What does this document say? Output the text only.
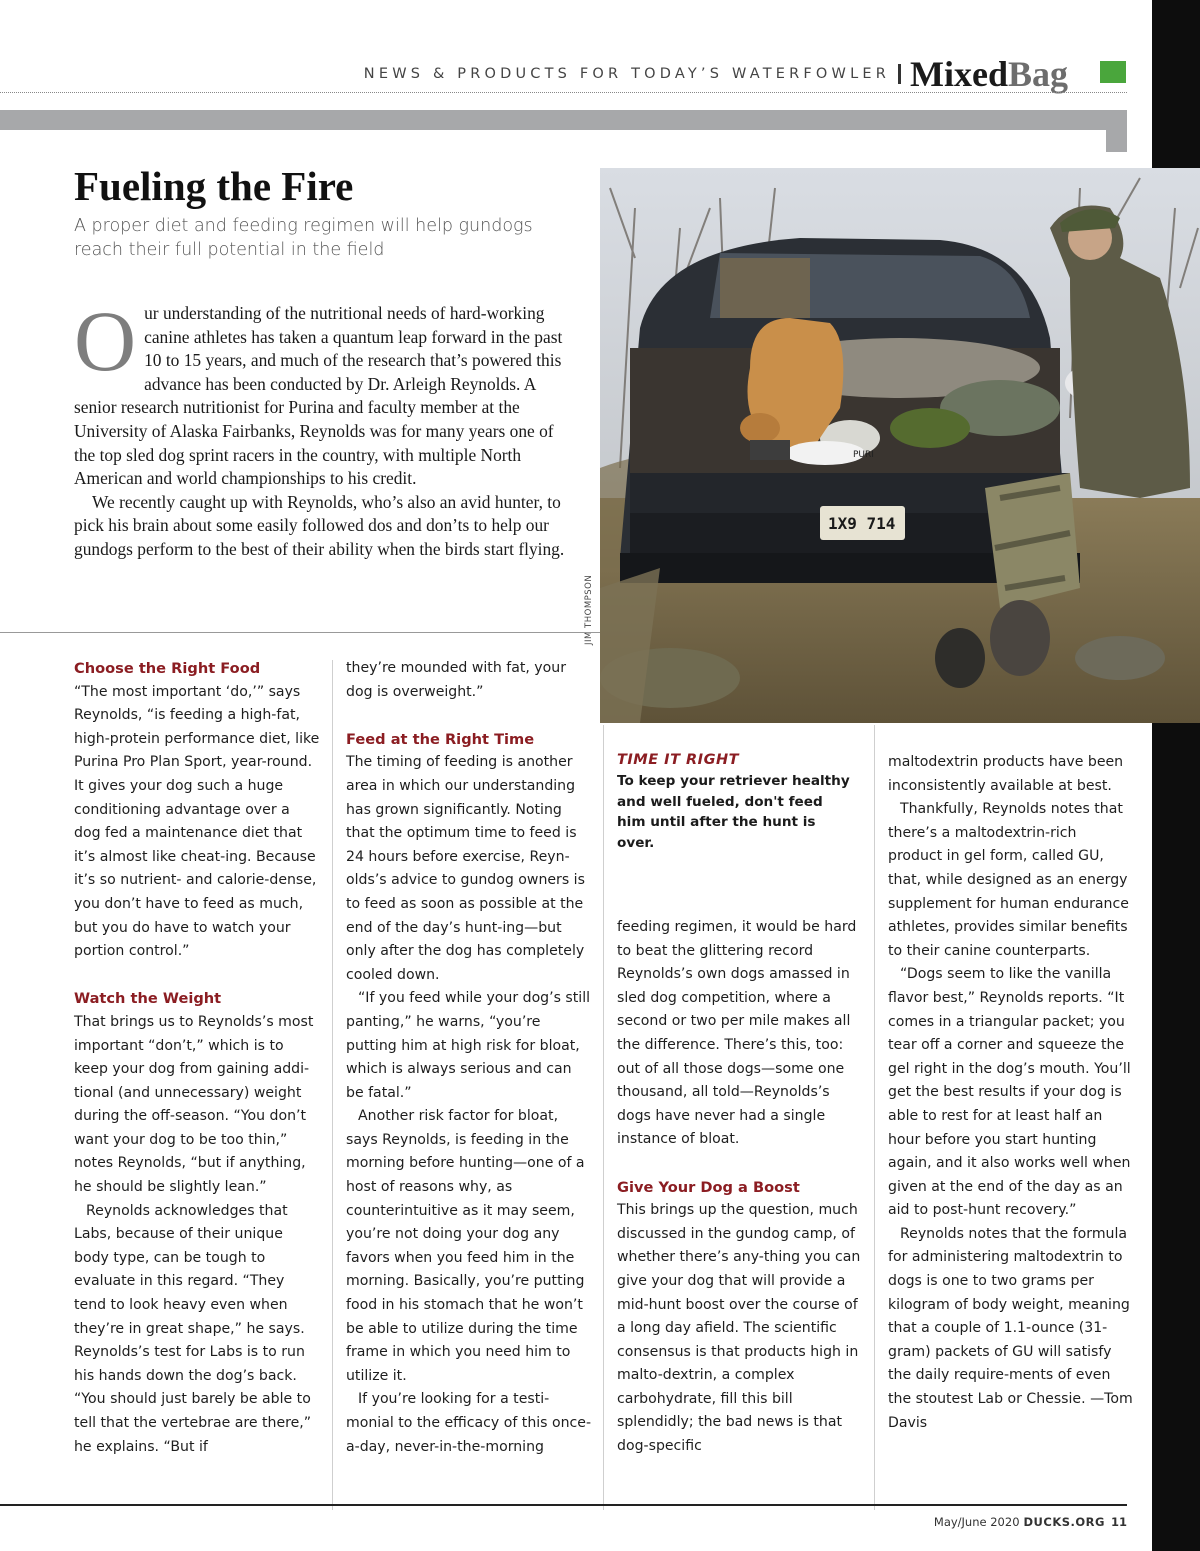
NEWS & PRODUCTS FOR TODAY’S WATERFOWLER MixedBag
Fueling the Fire
A proper diet and feeding regimen will help gundogs reach their full potential in the field

Our understanding of the nutritional needs of hard-working canine athletes has taken a quantum leap forward in the past 10 to 15 years, and much of the research that’s powered this advance has been conducted by Dr. Arleigh Reynolds. A senior research nutritionist for Purina and faculty member at the University of Alaska Fairbanks, Reynolds was for many years one of the top sled dog sprint racers in the country, with multiple North American and world championships to his credit.

We recently caught up with Reynolds, who’s also an avid hunter, to pick his brain about some easily followed dos and don’ts to help our gundogs perform to the best of their ability when the birds start flying.

PURI
1X9 714
JIM THOMPSON
Choose the Right Food

“The most important ‘do,’” says Reynolds, “is feeding a high-fat, high-protein performance diet, like Purina Pro Plan Sport, year-round. It gives your dog such a huge conditioning advantage over a dog fed a maintenance diet that it’s almost like cheat-ing. Because it’s so nutrient- and calorie-dense, you don’t have to feed as much, but you do have to watch your portion control.”

Watch the Weight

That brings us to Reynolds’s most important “don’t,” which is to keep your dog from gaining addi-tional (and unnecessary) weight during the off-season. “You don’t want your dog to be too thin,” notes Reynolds, “but if anything, he should be slightly lean.”

Reynolds acknowledges that Labs, because of their unique body type, can be tough to evaluate in this regard. “They tend to look heavy even when they’re in great shape,” he says. Reynolds’s test for Labs is to run his hands down the dog’s back. “You should just barely be able to tell that the vertebrae are there,” he explains. “But if

they’re mounded with fat, your dog is overweight.”

Feed at the Right Time

The timing of feeding is another area in which our understanding has grown significantly. Noting that the optimum time to feed is 24 hours before exercise, Reyn-olds’s advice to gundog owners is to feed as soon as possible at the end of the day’s hunt-ing—but only after the dog has completely cooled down.

“If you feed while your dog’s still panting,” he warns, “you’re putting him at high risk for bloat, which is always serious and can be fatal.”

Another risk factor for bloat, says Reynolds, is feeding in the morning before hunting—one of a host of reasons why, as counterintuitive as it may seem, you’re not doing your dog any favors when you feed him in the morning. Basically, you’re putting food in his stomach that he won’t be able to utilize during the time frame in which you need him to utilize it.

If you’re looking for a testi-monial to the efficacy of this once-a-day, never-in-the-morning

TIME IT RIGHT
To keep your retriever healthy and well fueled, don't feed him until after the hunt is over.

feeding regimen, it would be hard to beat the glittering record Reynolds’s own dogs amassed in sled dog competition, where a second or two per mile makes all the difference. There’s this, too: out of all those dogs—some one thousand, all told—Reynolds’s dogs have never had a single instance of bloat.

Give Your Dog a Boost

This brings up the question, much discussed in the gundog camp, of whether there’s any-thing you can give your dog that will provide a mid-hunt boost over the course of a long day afield. The scientific consensus is that products high in malto-dextrin, a complex carbohydrate, fill this bill splendidly; the bad news is that dog-specific

maltodextrin products have been inconsistently available at best.

Thankfully, Reynolds notes that there’s a maltodextrin-rich product in gel form, called GU, that, while designed as an energy supplement for human endurance athletes, provides similar benefits to their canine counterparts.

“Dogs seem to like the vanilla flavor best,” Reynolds reports. “It comes in a triangular packet; you tear off a corner and squeeze the gel right in the dog’s mouth. You’ll get the best results if your dog is able to rest for at least half an hour before you start hunting again, and it also works well when given at the end of the day as an aid to post-hunt recovery.”

Reynolds notes that the formula for administering maltodextrin to dogs is one to two grams per kilogram of body weight, meaning that a couple of 1.1-ounce (31-gram) packets of GU will satisfy the daily require-ments of even the stoutest Lab or Chessie. —Tom Davis

May/June 2020 DUCKS.ORG 11
